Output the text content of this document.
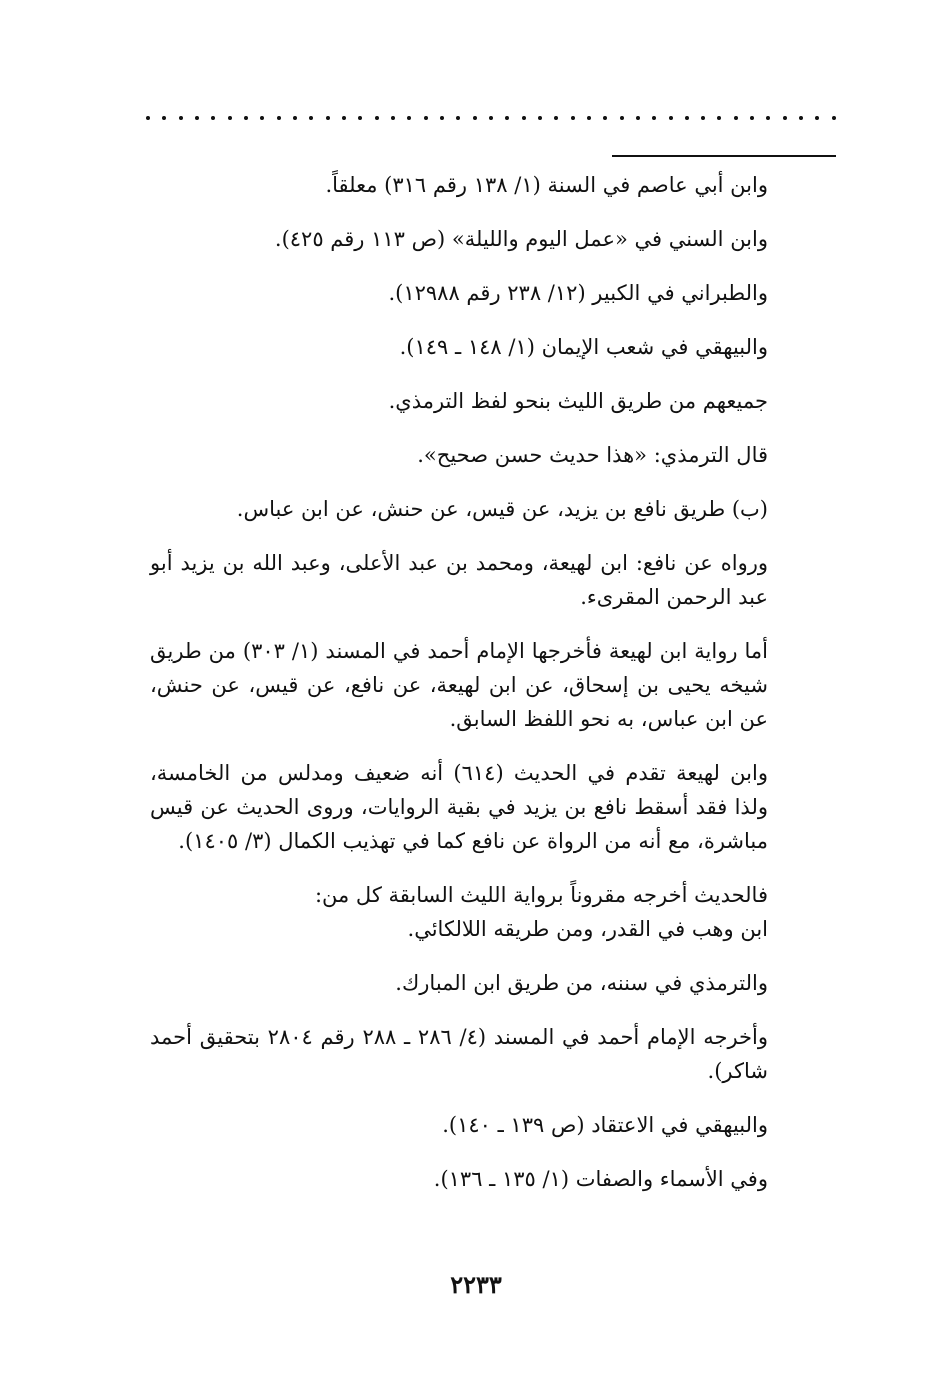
وابن أبي عاصم في السنة (١/ ١٣٨ رقم ٣١٦) معلقاً.

وابن السني في «عمل اليوم والليلة» (ص ١١٣ رقم ٤٢٥).

والطبراني في الكبير (١٢/ ٢٣٨ رقم ١٢٩٨٨).

والبيهقي في شعب الإيمان (١/ ١٤٨ ـ ١٤٩).

جميعهم من طريق الليث بنحو لفظ الترمذي.

قال الترمذي: «هذا حديث حسن صحيح».

(ب) طريق نافع بن يزيد، عن قيس، عن حنش، عن ابن عباس.

ورواه عن نافع: ابن لهيعة، ومحمد بن عبد الأعلى، وعبد الله بن يزيد أبو عبد الرحمن المقرىء.

أما رواية ابن لهيعة فأخرجها الإمام أحمد في المسند (١/ ٣٠٣) من طريق شيخه يحيى بن إسحاق، عن ابن لهيعة، عن نافع، عن قيس، عن حنش، عن ابن عباس، به نحو اللفظ السابق.

وابن لهيعة تقدم في الحديث (٦١٤) أنه ضعيف ومدلس من الخامسة، ولذا فقد أسقط نافع بن يزيد في بقية الروايات، وروى الحديث عن قيس مباشرة، مع أنه من الرواة عن نافع كما في تهذيب الكمال (٣/ ١٤٠٥).

فالحديث أخرجه مقروناً برواية الليث السابقة كل من:

ابن وهب في القدر، ومن طريقه اللالكائي.

والترمذي في سننه، من طريق ابن المبارك.

وأخرجه الإمام أحمد في المسند (٤/ ٢٨٦ ـ ٢٨٨ رقم ٢٨٠٤ بتحقيق أحمد شاكر).

والبيهقي في الاعتقاد (ص ١٣٩ ـ ١٤٠).

وفي الأسماء والصفات (١/ ١٣٥ ـ ١٣٦).

٢٢٣٣
